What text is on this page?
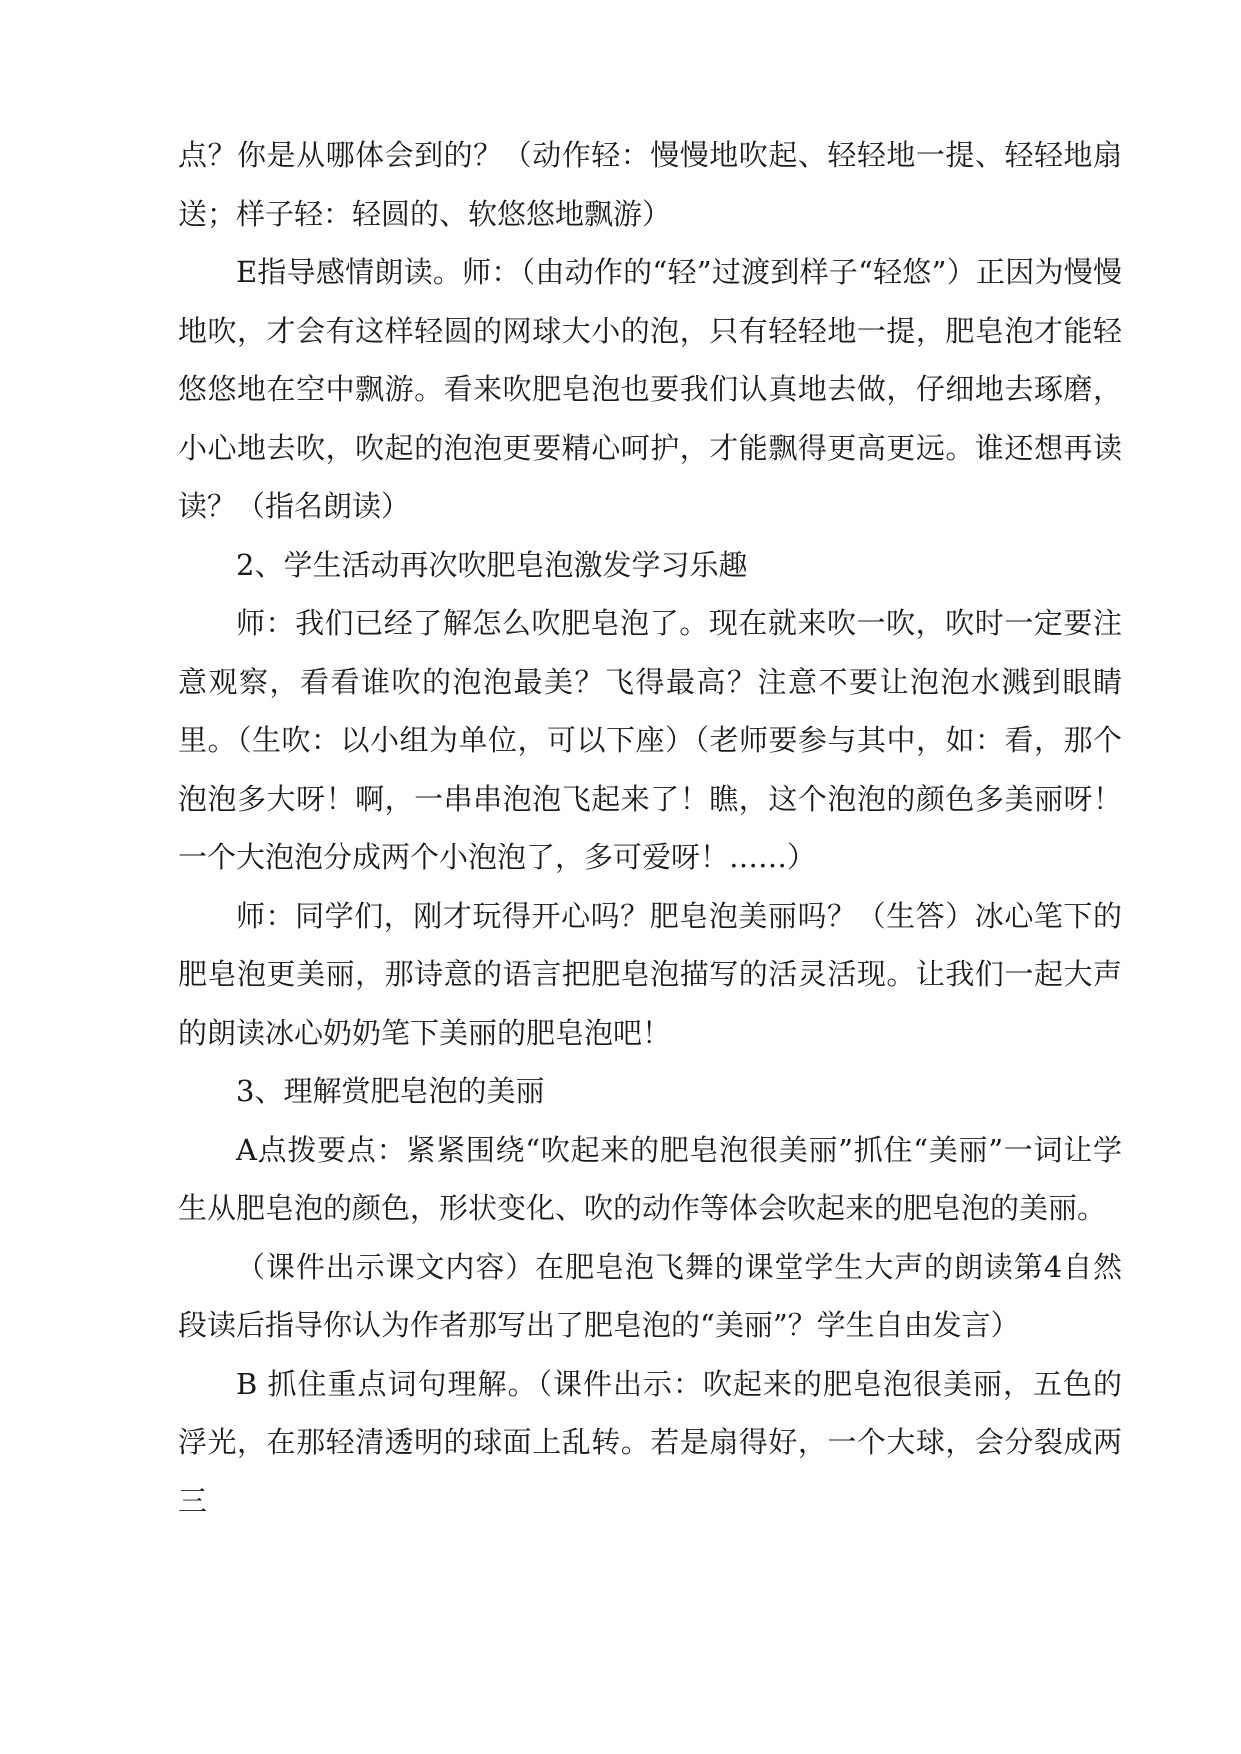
点？你是从哪体会到的？（动作轻：慢慢地吹起、轻轻地一提、轻轻地扇送；样子轻：轻圆的、软悠悠地飘游）

E指导感情朗读。师：（由动作的“轻”过渡到样子“轻悠”）正因为慢慢地吹，才会有这样轻圆的网球大小的泡，只有轻轻地一提，肥皂泡才能轻悠悠地在空中飘游。看来吹肥皂泡也要我们认真地去做，仔细地去琢磨，小心地去吹，吹起的泡泡更要精心呵护，才能飘得更高更远。谁还想再读读？（指名朗读）

2、学生活动再次吹肥皂泡激发学习乐趣

师：我们已经了解怎么吹肥皂泡了。现在就来吹一吹，吹时一定要注意观察，看看谁吹的泡泡最美？飞得最高？注意不要让泡泡水溅到眼睛里。（生吹：以小组为单位，可以下座）（老师要参与其中，如：看，那个泡泡多大呀！啊，一串串泡泡飞起来了！瞧，这个泡泡的颜色多美丽呀！一个大泡泡分成两个小泡泡了，多可爱呀！……）

师：同学们，刚才玩得开心吗？肥皂泡美丽吗？（生答）冰心笔下的肥皂泡更美丽，那诗意的语言把肥皂泡描写的活灵活现。让我们一起大声的朗读冰心奶奶笔下美丽的肥皂泡吧！

3、理解赏肥皂泡的美丽

A点拨要点：紧紧围绕“吹起来的肥皂泡很美丽”抓住“美丽”一词让学生从肥皂泡的颜色，形状变化、吹的动作等体会吹起来的肥皂泡的美丽。

（课件出示课文内容）在肥皂泡飞舞的课堂学生大声的朗读第4自然段读后指导你认为作者那写出了肥皂泡的“美丽”？学生自由发言）

B 抓住重点词句理解。（课件出示：吹起来的肥皂泡很美丽，五色的浮光，在那轻清透明的球面上乱转。若是扇得好，一个大球，会分裂成两三
